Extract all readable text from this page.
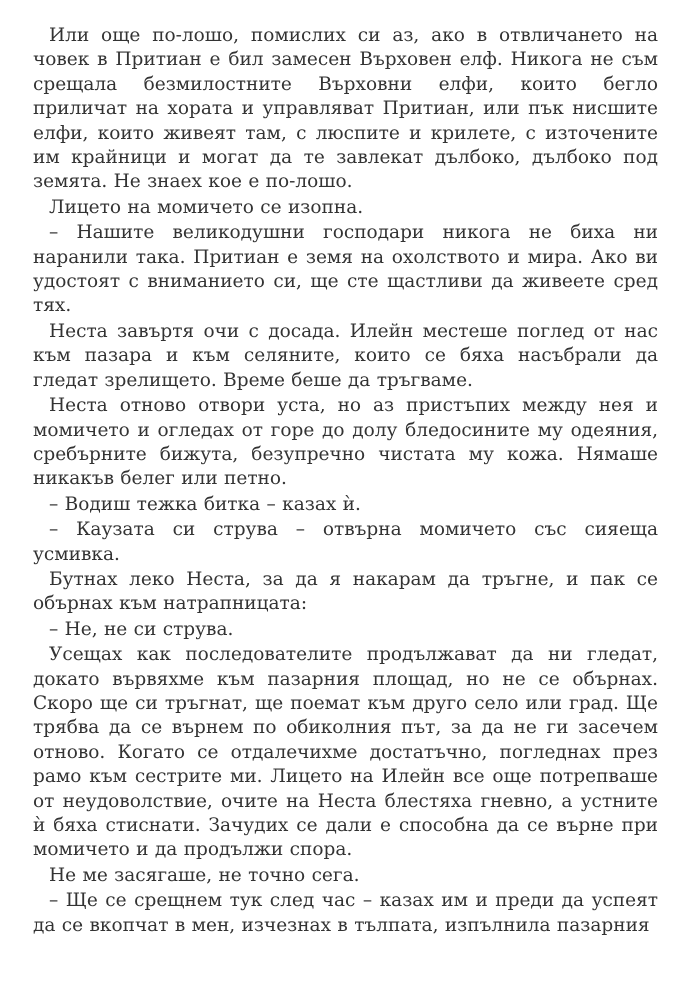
Или още по-лошо, помислих си аз, ако в отвличането на човек в Притиан е бил замесен Върховен елф. Никога не съм срещала безмилостните Върховни елфи, които бегло приличат на хората и управляват Притиан, или пък нисшите елфи, които живеят там, с люспите и крилете, с източените им крайници и могат да те завлекат дълбоко, дълбоко под земята. Не знаех кое е по-лошо.

Лицето на момичето се изопна.

– Нашите великодушни господари никога не биха ни наранили така. Притиан е земя на охолството и мира. Ако ви удостоят с вниманието си, ще сте щастливи да живеете сред тях.

Неста завъртя очи с досада. Илейн местеше поглед от нас към пазара и към селяните, които се бяха насъбрали да гледат зрелището. Време беше да тръгваме.

Неста отново отвори уста, но аз пристъпих между нея и момичето и огледах от горе до долу бледосините му одеяния, сребърните бижута, безупречно чистата му кожа. Нямаше никакъв белег или петно.

– Водиш тежка битка – казах ѝ.

– Каузата си струва – отвърна момичето със сияеща усмивка.

Бутнах леко Неста, за да я накарам да тръгне, и пак се обърнах към натрапницата:

– Не, не си струва.

Усещах как последователите продължават да ни гледат, докато вървяхме към пазарния площад, но не се обърнах. Скоро ще си тръгнат, ще поемат към друго село или град. Ще трябва да се върнем по обиколния път, за да не ги засечем отново. Когато се отдалечихме достатъчно, погледнах през рамо към сестрите ми. Лицето на Илейн все още потрепваше от неудоволствие, очите на Неста блестяха гневно, а устните ѝ бяха стиснати. Зачудих се дали е способна да се върне при момичето и да продължи спора.

Не ме засягаше, не точно сега.

– Ще се срещнем тук след час – казах им и преди да успеят да се вкопчат в мен, изчезнах в тълпата, изпълнила пазарния
